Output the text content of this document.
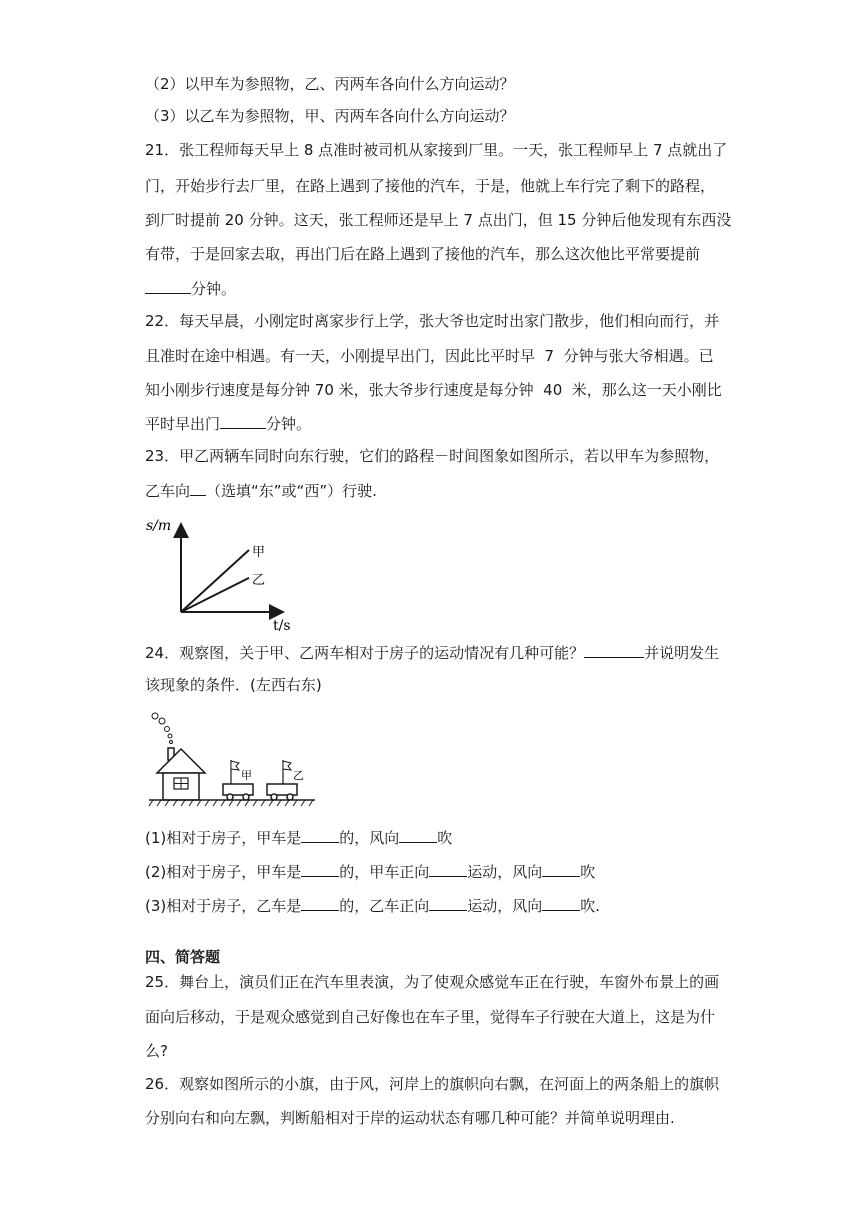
（2）以甲车为参照物，乙、丙两车各向什么方向运动？
（3）以乙车为参照物，甲、丙两车各向什么方向运动？
21．张工程师每天早上 8 点准时被司机从家接到厂里。一天，张工程师早上 7 点就出了
门，开始步行去厂里，在路上遇到了接他的汽车，于是，他就上车行完了剩下的路程，
到厂时提前 20 分钟。这天，张工程师还是早上 7 点出门，但 15 分钟后他发现有东西没
有带，于是回家去取，再出门后在路上遇到了接他的汽车，那么这次他比平常要提前
分钟。
22．每天早晨，小刚定时离家步行上学，张大爷也定时出家门散步，他们相向而行，并
且准时在途中相遇。有一天，小刚提早出门，因此比平时早  7  分钟与张大爷相遇。已
知小刚步行速度是每分钟 70 米，张大爷步行速度是每分钟  40  米，那么这一天小刚比
平时早出门	分钟。
23．甲乙两辆车同时向东行驶，它们的路程－时间图象如图所示，若以甲车为参照物，
乙车向 （选填“东”或“西”）行驶.
s/m
t/s
甲
乙
24．观察图，关于甲、乙两车相对于房子的运动情况有几种可能？	并说明发生
该现象的条件．(左西右东)
甲	乙
(1)相对于房子，甲车是	的，风向	吹
(2)相对于房子，甲车是	的，甲车正向	运动，风向	吹
(3)相对于房子，乙车是	的，乙车正向	运动，风向	吹.
四、简答题
25．舞台上，演员们正在汽车里表演，为了使观众感觉车正在行驶，车窗外布景上的画
面向后移动，于是观众感觉到自己好像也在车子里，觉得车子行驶在大道上，这是为什
么?
26．观察如图所示的小旗，由于风，河岸上的旗帜向右飘，在河面上的两条船上的旗帜
分别向右和向左飘，判断船相对于岸的运动状态有哪几种可能？并简单说明理由.
